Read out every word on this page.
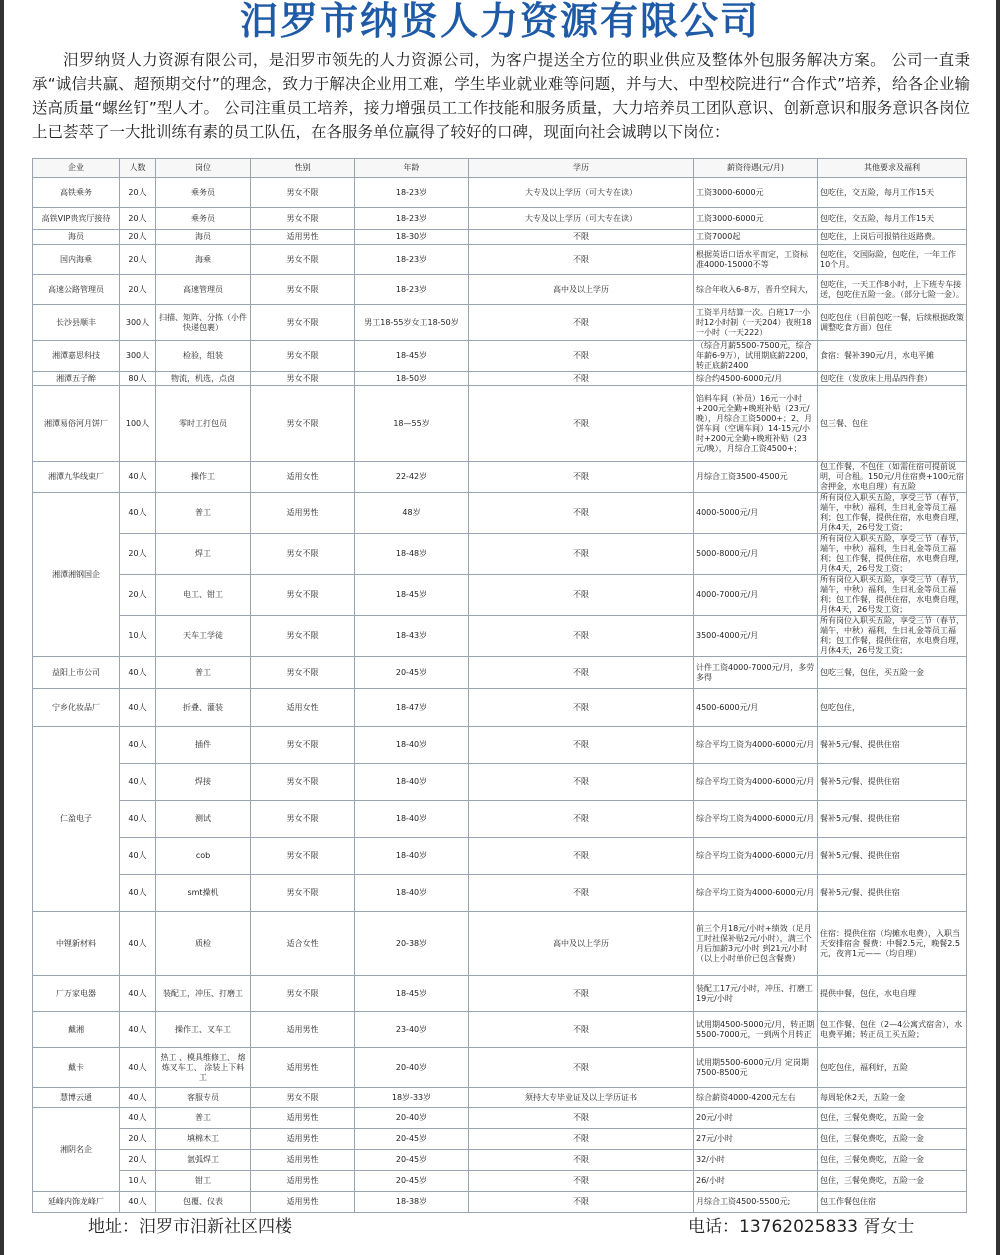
汨罗市纳贤人力资源有限公司
汨罗纳贤人力资源有限公司，是汨罗市领先的人力资源公司，为客户提送全方位的职业供应及整体外包服务解决方案。 公司一直秉承“诚信共赢、超预期交付”的理念，致力于解决企业用工难，学生毕业就业难等问题，并与大、中型校院进行“合作式”培养，给各企业输送高质量“螺丝钉”型人才。 公司注重员工培养，接力增强员工工作技能和服务质量，大力培养员工团队意识、创新意识和服务意识各岗位上已荟萃了一大批训练有素的员工队伍，在各服务单位赢得了较好的口碑，现面向社会诚聘以下岗位：
企业	人数	岗位	性别	年龄	学历	薪资待遇(元/月)	其他要求及福利
高铁乘务	20人	乘务员	男女不限	18-23岁	大专及以上学历（可大专在读）	工资3000-6000元	包吃住，交五险，每月工作15天
高铁VIP贵宾厅接待	20人	乘务员	男女不限	18-23岁	大专及以上学历（可大专在读）	工资3000-6000元	包吃住，交五险，每月工作15天
海员	20人	海员	适用男性	18-30岁	不限	工资7000起	包吃住，上岗后可报销往返路费。
国内海乘	20人	海乘	男女不限	18-23岁	不限	根据英语口语水平而定，工资标准4000-15000不等	包吃住，交国际险，包吃住，一年工作10个月。
高速公路管理员	20人	高速管理员	男女不限	18-23岁	高中及以上学历	综合年收入6-8万，晋升空间大，	包吃住，一天工作8小时，上下班专车接送，包吃住五险一金。（部分七险一金）。
长沙县顺丰	300人	扫描、矩阵、分拣（小件快递包裹）	男女不限	男工18-55岁女工18-50岁	不限	工资半月结算一次。白班17一小时12小时制（一天204）夜班18一小时（一天222）	包吃包住（目前包吃一餐，后续根据政策调整吃食方面）包住
湘潭嘉思科技	300人	检验，组装	男女不限	18-45岁	不限	（综合月薪5500-7500元，综合年薪6-9万），试用期底薪2200，转正底薪2400	食宿：餐补390元/月，水电平摊
湘潭五子醉	80人	物流，机选，点卤	男女不限	18-50岁	不限	综合约4500-6000元/月	包吃住（发放床上用品四件套）
湘潭易俗河月饼厂	100人	零时工打包员	男女不限	18—55岁	不限	馅料车间（补员）16元一小时+200元全勤+晚班补贴（23元/晚），月综合工资5000+；2、月饼车间（空调车间）14-15元/小时+200元全勤+晚班补贴（23元/晚），月综合工资4500+；	包三餐、包住
湘潭九华线束厂	40人	操作工	适用女性	22-42岁	不限	月综合工资3500-4500元	包工作餐，不包住（如需住宿可提前说明，可合租。150元/月住宿费+100元宿舍押金，水电自理）有五险
湘潭湘钢国企	40人	普工	适用男性	48岁	不限	4000-5000元/月	所有岗位入职买五险，享受三节（春节，端午，中秋）福利，生日礼金等员工福利；包工作餐，提供住宿，水电费自理，月休4天，26号发工资；
	20人	焊工	男女不限	18-48岁	不限	5000-8000元/月	所有岗位入职买五险，享受三节（春节，端午，中秋）福利，生日礼金等员工福利；包工作餐，提供住宿，水电费自理，月休4天，26号发工资；
	20人	电工、钳工	男女不限	18-45岁	不限	4000-7000元/月	所有岗位入职买五险，享受三节（春节，端午，中秋）福利，生日礼金等员工福利；包工作餐，提供住宿，水电费自理，月休4天，26号发工资；
	10人	天车工学徒	男女不限	18-43岁	不限	3500-4000元/月	所有岗位入职买五险，享受三节（春节，端午，中秋）福利，生日礼金等员工福利；包工作餐，提供住宿，水电费自理，月休4天，26号发工资；
益阳上市公司	40人	普工	男女不限	20-45岁	不限	计件工资4000-7000元/月，多劳多得	包吃三餐，包住，买五险一金
宁乡化妆品厂	40人	折叠、灌装	适用女性	18-47岁	不限	4500-6000元/月	包吃包住，
仁盈电子	40人	插件	男女不限	18-40岁	不限	综合平均工资为4000-6000元/月	餐补5元/餐、提供住宿
	40人	焊接	男女不限	18-40岁	不限	综合平均工资为4000-6000元/月	餐补5元/餐、提供住宿
	40人	测试	男女不限	18-40岁	不限	综合平均工资为4000-6000元/月	餐补5元/餐、提供住宿
	40人	cob	男女不限	18-40岁	不限	综合平均工资为4000-6000元/月	餐补5元/餐、提供住宿
	40人	smt操机	男女不限	18-40岁	不限	综合平均工资为4000-6000元/月	餐补5元/餐、提供住宿
中锂新材料	40人	质检	适合女性	20-38岁	高中及以上学历	前三个月18元/小时+绩效（足月工时社保补贴2元/小时），满三个月后加薪3元/小时 到21元/小时（以上小时单价已包含餐费）	住宿：提供住宿（均摊水电费），入职当天安排宿舍 餐费：中餐2.5元，晚餐2.5元，夜宵1元——（均自理）
厂万家电器	40人	装配工，冲压、打磨工	男女不限	18-45岁	不限	装配工17元/小时，冲压、打磨工19元/小时	提供中餐，包住，水电自理
戴湘	40人	操作工、叉车工	适用男性	23-40岁	不限	试用期4500-5000元/月，转正期5500-7000元，一到两个月转正	包工作餐、包住（2—4公寓式宿舍），水电费平摊；转正员工买五险；
戴卡	40人	热工 、模具维修工、 熔炼叉车工、 涂装上下料工	适用男性	20-40岁	不限	试用期5500-6000元/月 定岗期7500-8500元	包吃包住，福利好，五险
慧博云通	40人	客服专员	男女不限	18岁-33岁	须持大专毕业证及以上学历证书	综合薪资4000-4200元左右	每周轮休2天，五险一金
湘阴名企	40人	普工	适用男性	20-40岁	不限	20元/小时	包住，三餐免费吃，五险一金
	20人	填棉木工	适用男性	20-45岁	不限	27元/小时	包住，三餐免费吃，五险一金
	20人	氩弧焊工	适用男性	20-45岁	不限	32/小时	包住，三餐免费吃，五险一金
	10人	钳工	适用男性	20-45岁	不限	26/小时	包住，三餐免费吃，五险一金
延峰内饰龙峰厂	40人	包覆、仪表	适用男性	18-38岁	不限	月综合工资4500-5500元;	包工作餐包住宿
地址：汨罗市汨新社区四楼	电话：13762025833 胥女士
